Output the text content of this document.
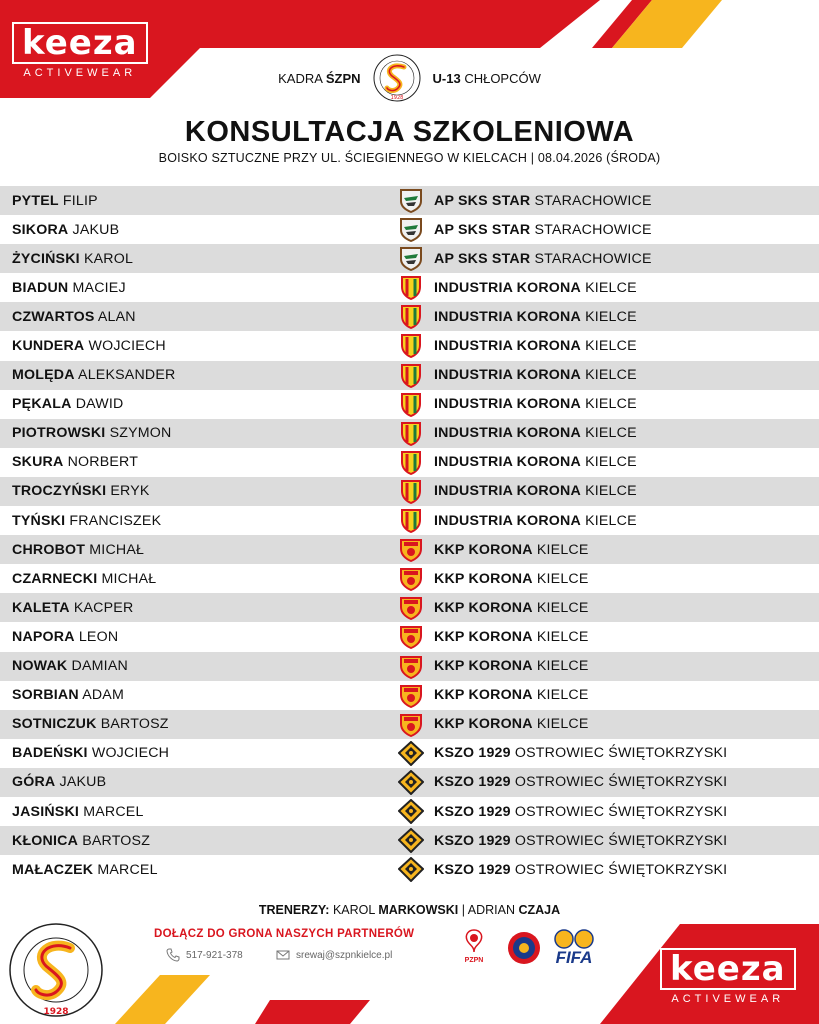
keeza
ACTIVEWEAR	KADRA ŚZPN
1928
U-13 CHŁOPCÓW
KONSULTACJA SZKOLENIOWA
BOISKO SZTUCZNE PRZY UL. ŚCIEGIENNEGO W KIELCACH | 08.04.2026 (ŚRODA)
PYTEL FILIP	AP SKS STAR STARACHOWICE
SIKORA JAKUB	AP SKS STAR STARACHOWICE
ŻYCIŃSKI KAROL	AP SKS STAR STARACHOWICE
BIADUN MACIEJ	INDUSTRIA KORONA KIELCE
CZWARTOS ALAN	INDUSTRIA KORONA KIELCE
KUNDERA WOJCIECH	INDUSTRIA KORONA KIELCE
MOLĘDA ALEKSANDER	INDUSTRIA KORONA KIELCE
PĘKALA DAWID	INDUSTRIA KORONA KIELCE
PIOTROWSKI SZYMON	INDUSTRIA KORONA KIELCE
SKURA NORBERT	INDUSTRIA KORONA KIELCE
TROCZYŃSKI ERYK	INDUSTRIA KORONA KIELCE
TYŃSKI FRANCISZEK	INDUSTRIA KORONA KIELCE
CHROBOT MICHAŁ	KKP KORONA KIELCE
CZARNECKI MICHAŁ	KKP KORONA KIELCE
KALETA KACPER	KKP KORONA KIELCE
NAPORA LEON	KKP KORONA KIELCE
NOWAK DAMIAN	KKP KORONA KIELCE
SORBIAN ADAM	KKP KORONA KIELCE
SOTNICZUK BARTOSZ	KKP KORONA KIELCE
BADEŃSKI WOJCIECH	KSZO 1929 OSTROWIEC ŚWIĘTOKRZYSKI
GÓRA JAKUB	KSZO 1929 OSTROWIEC ŚWIĘTOKRZYSKI
JASIŃSKI MARCEL	KSZO 1929 OSTROWIEC ŚWIĘTOKRZYSKI
KŁONICA BARTOSZ	KSZO 1929 OSTROWIEC ŚWIĘTOKRZYSKI
MAŁACZEK MARCEL	KSZO 1929 OSTROWIEC ŚWIĘTOKRZYSKI
TRENERZY: KAROL MARKOWSKI | ADRIAN CZAJA
DOŁĄCZ DO GRONA NASZYCH PARTNERÓW
517-921-378	srewaj@szpnkielce.pl	PZPN	FIFA
1928
keeza
ACTIVEWEAR
